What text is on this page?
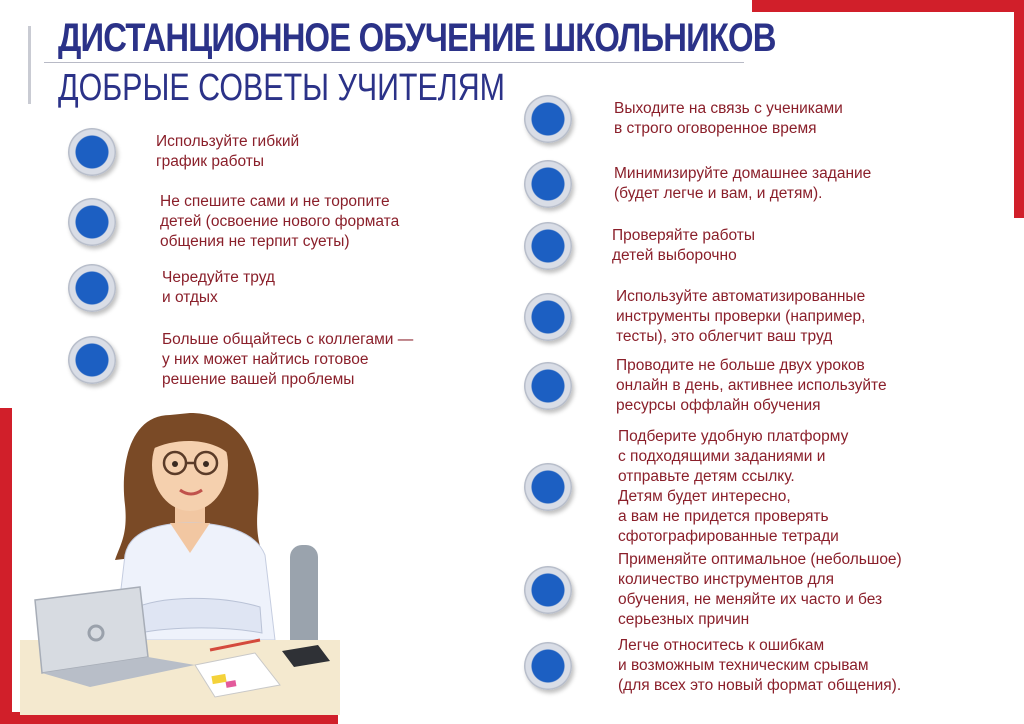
ДИСТАНЦИОННОЕ ОБУЧЕНИЕ ШКОЛЬНИКОВ
ДОБРЫЕ СОВЕТЫ УЧИТЕЛЯМ
Используйте гибкий
график работы
Не спешите сами и не торопите
детей (освоение нового формата
общения не терпит суеты)
Чередуйте труд
и отдых
Больше общайтесь с коллегами —
у них может найтись готовое
решение вашей проблемы
Выходите на связь с учениками
в строго оговоренное время
Минимизируйте домашнее задание
(будет легче и вам, и детям).
Проверяйте работы
детей выборочно
Используйте автоматизированные
инструменты проверки (например,
тесты), это облегчит ваш труд
Проводите не больше двух уроков
онлайн в день, активнее используйте
ресурсы оффлайн обучения
Подберите удобную платформу
с подходящими заданиями и
отправьте детям ссылку.
Детям будет интересно,
а вам не придется проверять
сфотографированные тетради
Применяйте оптимальное (небольшое)
количество инструментов для
обучения, не меняйте их часто и без
серьезных причин
Легче относитесь к ошибкам
и возможным техническим срывам
(для всех это новый формат общения).
